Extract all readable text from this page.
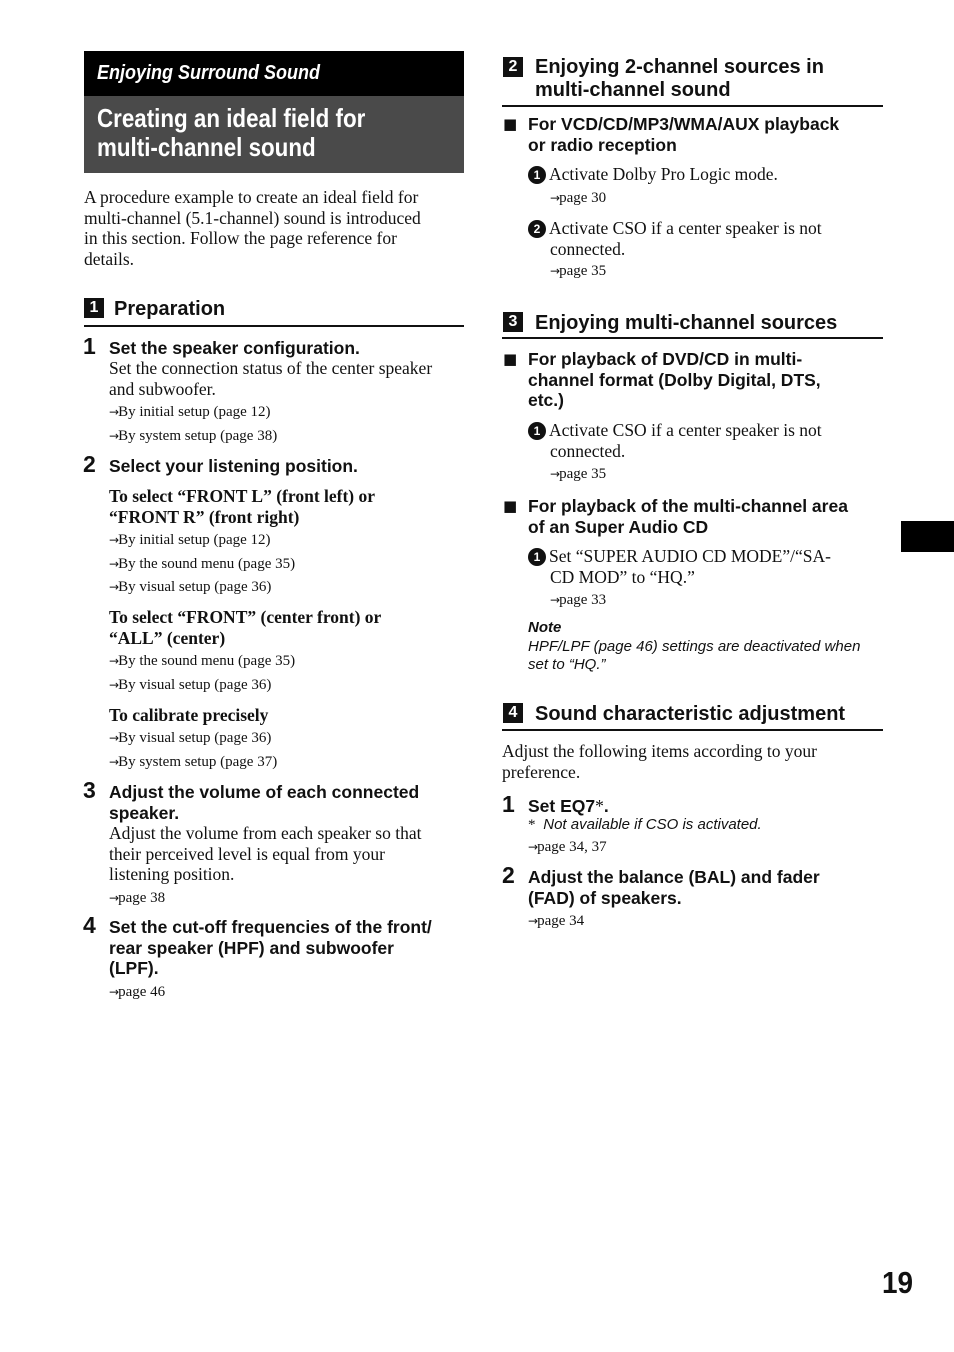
Enjoying Surround Sound
Creating an ideal field for
multi-channel sound
A procedure example to create an ideal field for
multi-channel (5.1-channel) sound is introduced
in this section. Follow the page reference for
details.
1 Preparation
1 Set the speaker configuration.
Set the connection status of the center speaker
and subwoofer.
→By initial setup (page 12)
→By system setup (page 38)
2 Select your listening position.
To select “FRONT L” (front left) or
“FRONT R” (front right)
→By initial setup (page 12)
→By the sound menu (page 35)
→By visual setup (page 36)
To select “FRONT” (center front) or
“ALL” (center)
→By the sound menu (page 35)
→By visual setup (page 36)
To calibrate precisely
→By visual setup (page 36)
→By system setup (page 37)
3 Adjust the volume of each connected
speaker.
Adjust the volume from each speaker so that
their perceived level is equal from your
listening position.
→page 38
4 Set the cut-off frequencies of the front/
rear speaker (HPF) and subwoofer
(LPF).
→page 46
2 Enjoying 2-channel sources in
multi-channel sound
■ For VCD/CD/MP3/WMA/AUX playback
or radio reception
1 Activate Dolby Pro Logic mode.
→page 30
2 Activate CSO if a center speaker is not
connected.
→page 35
3 Enjoying multi-channel sources
■ For playback of DVD/CD in multi-
channel format (Dolby Digital, DTS,
etc.)
1 Activate CSO if a center speaker is not
connected.
→page 35
■ For playback of the multi-channel area
of an Super Audio CD
1 Set “SUPER AUDIO CD MODE”/“SA-
CD MOD” to “HQ.”
→page 33
Note
HPF/LPF (page 46) settings are deactivated when
set to “HQ.”
4 Sound characteristic adjustment
Adjust the following items according to your
preference.
1 Set EQ7*.
* Not available if CSO is activated.
→page 34, 37
2 Adjust the balance (BAL) and fader
(FAD) of speakers.
→page 34
19
